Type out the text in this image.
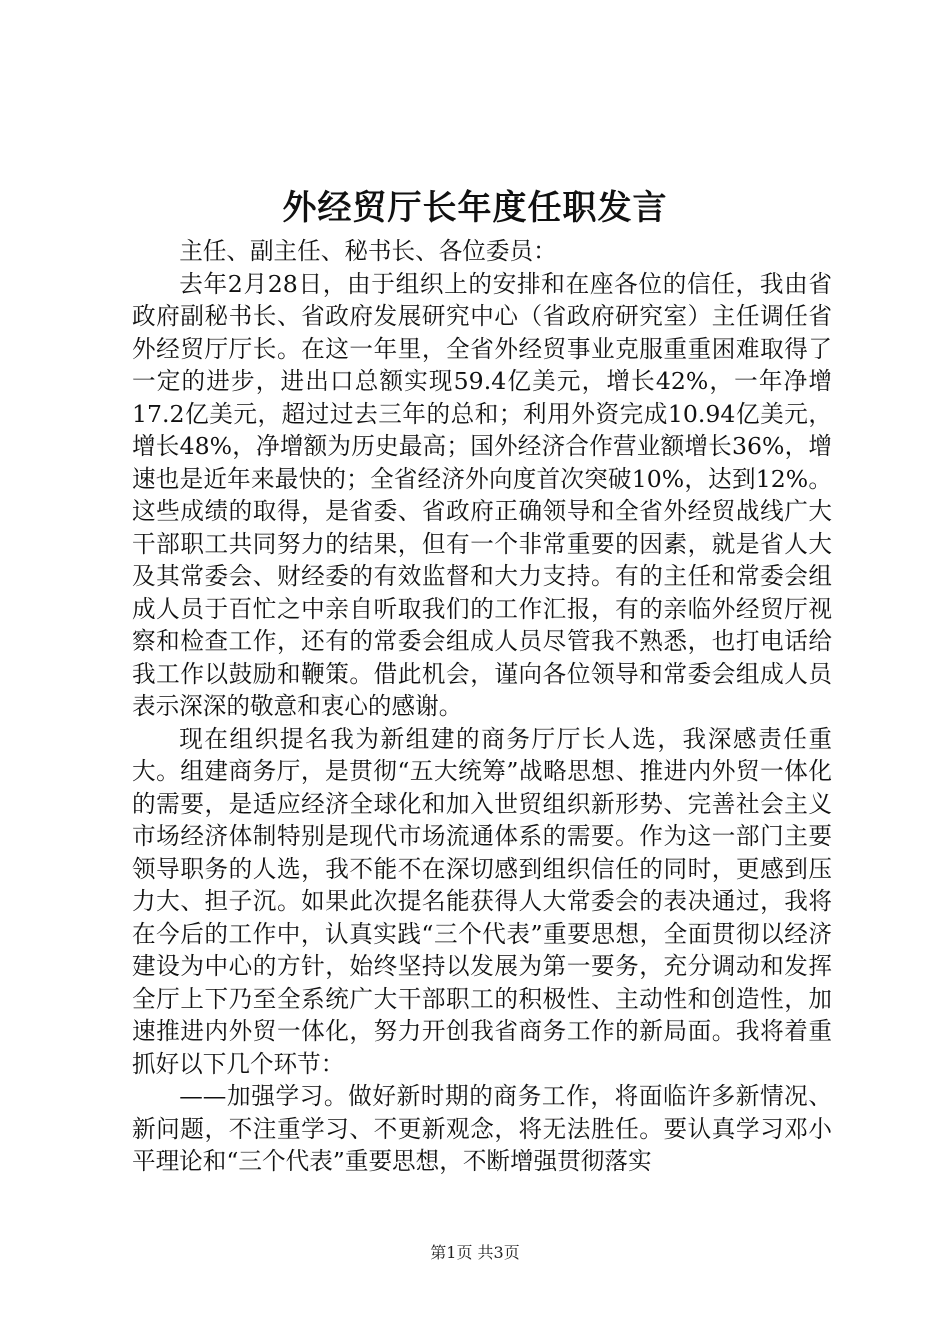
外经贸厅长年度任职发言

主任、副主任、秘书长、各位委员：

去年2月28日，由于组织上的安排和在座各位的信任，我由省政府副秘书长、省政府发展研究中心（省政府研究室）主任调任省外经贸厅厅长。在这一年里，全省外经贸事业克服重重困难取得了一定的进步，进出口总额实现59.4亿美元，增长42%，一年净增17.2亿美元，超过过去三年的总和；利用外资完成10.94亿美元，增长48%，净增额为历史最高；国外经济合作营业额增长36%，增速也是近年来最快的；全省经济外向度首次突破10%，达到12%。这些成绩的取得，是省委、省政府正确领导和全省外经贸战线广大干部职工共同努力的结果，但有一个非常重要的因素，就是省人大及其常委会、财经委的有效监督和大力支持。有的主任和常委会组成人员于百忙之中亲自听取我们的工作汇报，有的亲临外经贸厅视察和检查工作，还有的常委会组成人员尽管我不熟悉，也打电话给我工作以鼓励和鞭策。借此机会，谨向各位领导和常委会组成人员表示深深的敬意和衷心的感谢。

现在组织提名我为新组建的商务厅厅长人选，我深感责任重大。组建商务厅，是贯彻“五大统筹”战略思想、推进内外贸一体化的需要，是适应经济全球化和加入世贸组织新形势、完善社会主义市场经济体制特别是现代市场流通体系的需要。作为这一部门主要领导职务的人选，我不能不在深切感到组织信任的同时，更感到压力大、担子沉。如果此次提名能获得人大常委会的表决通过，我将在今后的工作中，认真实践“三个代表”重要思想，全面贯彻以经济建设为中心的方针，始终坚持以发展为第一要务，充分调动和发挥全厅上下乃至全系统广大干部职工的积极性、主动性和创造性，加速推进内外贸一体化，努力开创我省商务工作的新局面。我将着重抓好以下几个环节：

——加强学习。做好新时期的商务工作，将面临许多新情况、新问题，不注重学习、不更新观念，将无法胜任。要认真学习邓小平理论和“三个代表”重要思想，不断增强贯彻落实

第1页 共3页
